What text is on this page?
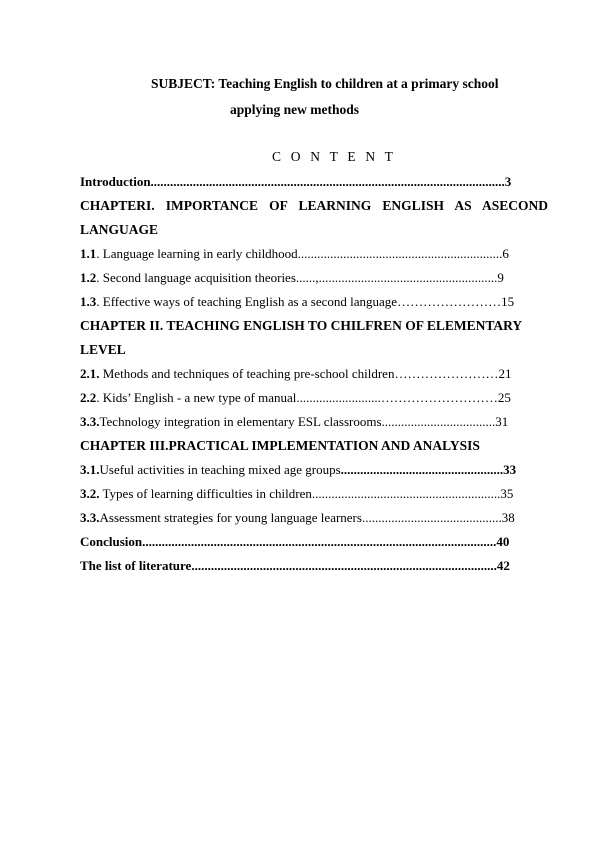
SUBJECT: Teaching English to children at a primary school
applying new methods
C O N T E N T
Introduction.............................................................................................................3
CHAPTERI. IMPORTANCE OF LEARNING ENGLISH AS ASECOND
LANGUAGE
1.1. Language learning in early childhood...............................................................6
1.2. Second language acquisition theories......,.......................................................9
1.3. Effective ways of teaching English as a second language……………………15
CHAPTER II. TEACHING ENGLISH TO CHILFREN OF ELEMENTARY
LEVEL
2.1. Methods and techniques of teaching pre-school children……………………21
2.2. Kids’ English - a new type of manual..........................………………………25
3.3.Technology integration in elementary ESL classrooms...................................31
CHAPTER III.PRACTICAL IMPLEMENTATION AND ANALYSIS
3.1.Useful activities in teaching mixed age groups..................................................33
3.2. Types of learning difficulties in children..........................................................35
3.3.Assessment strategies for young language learners...........................................38
Conclusion.............................................................................................................40
The list of literature..............................................................................................42
